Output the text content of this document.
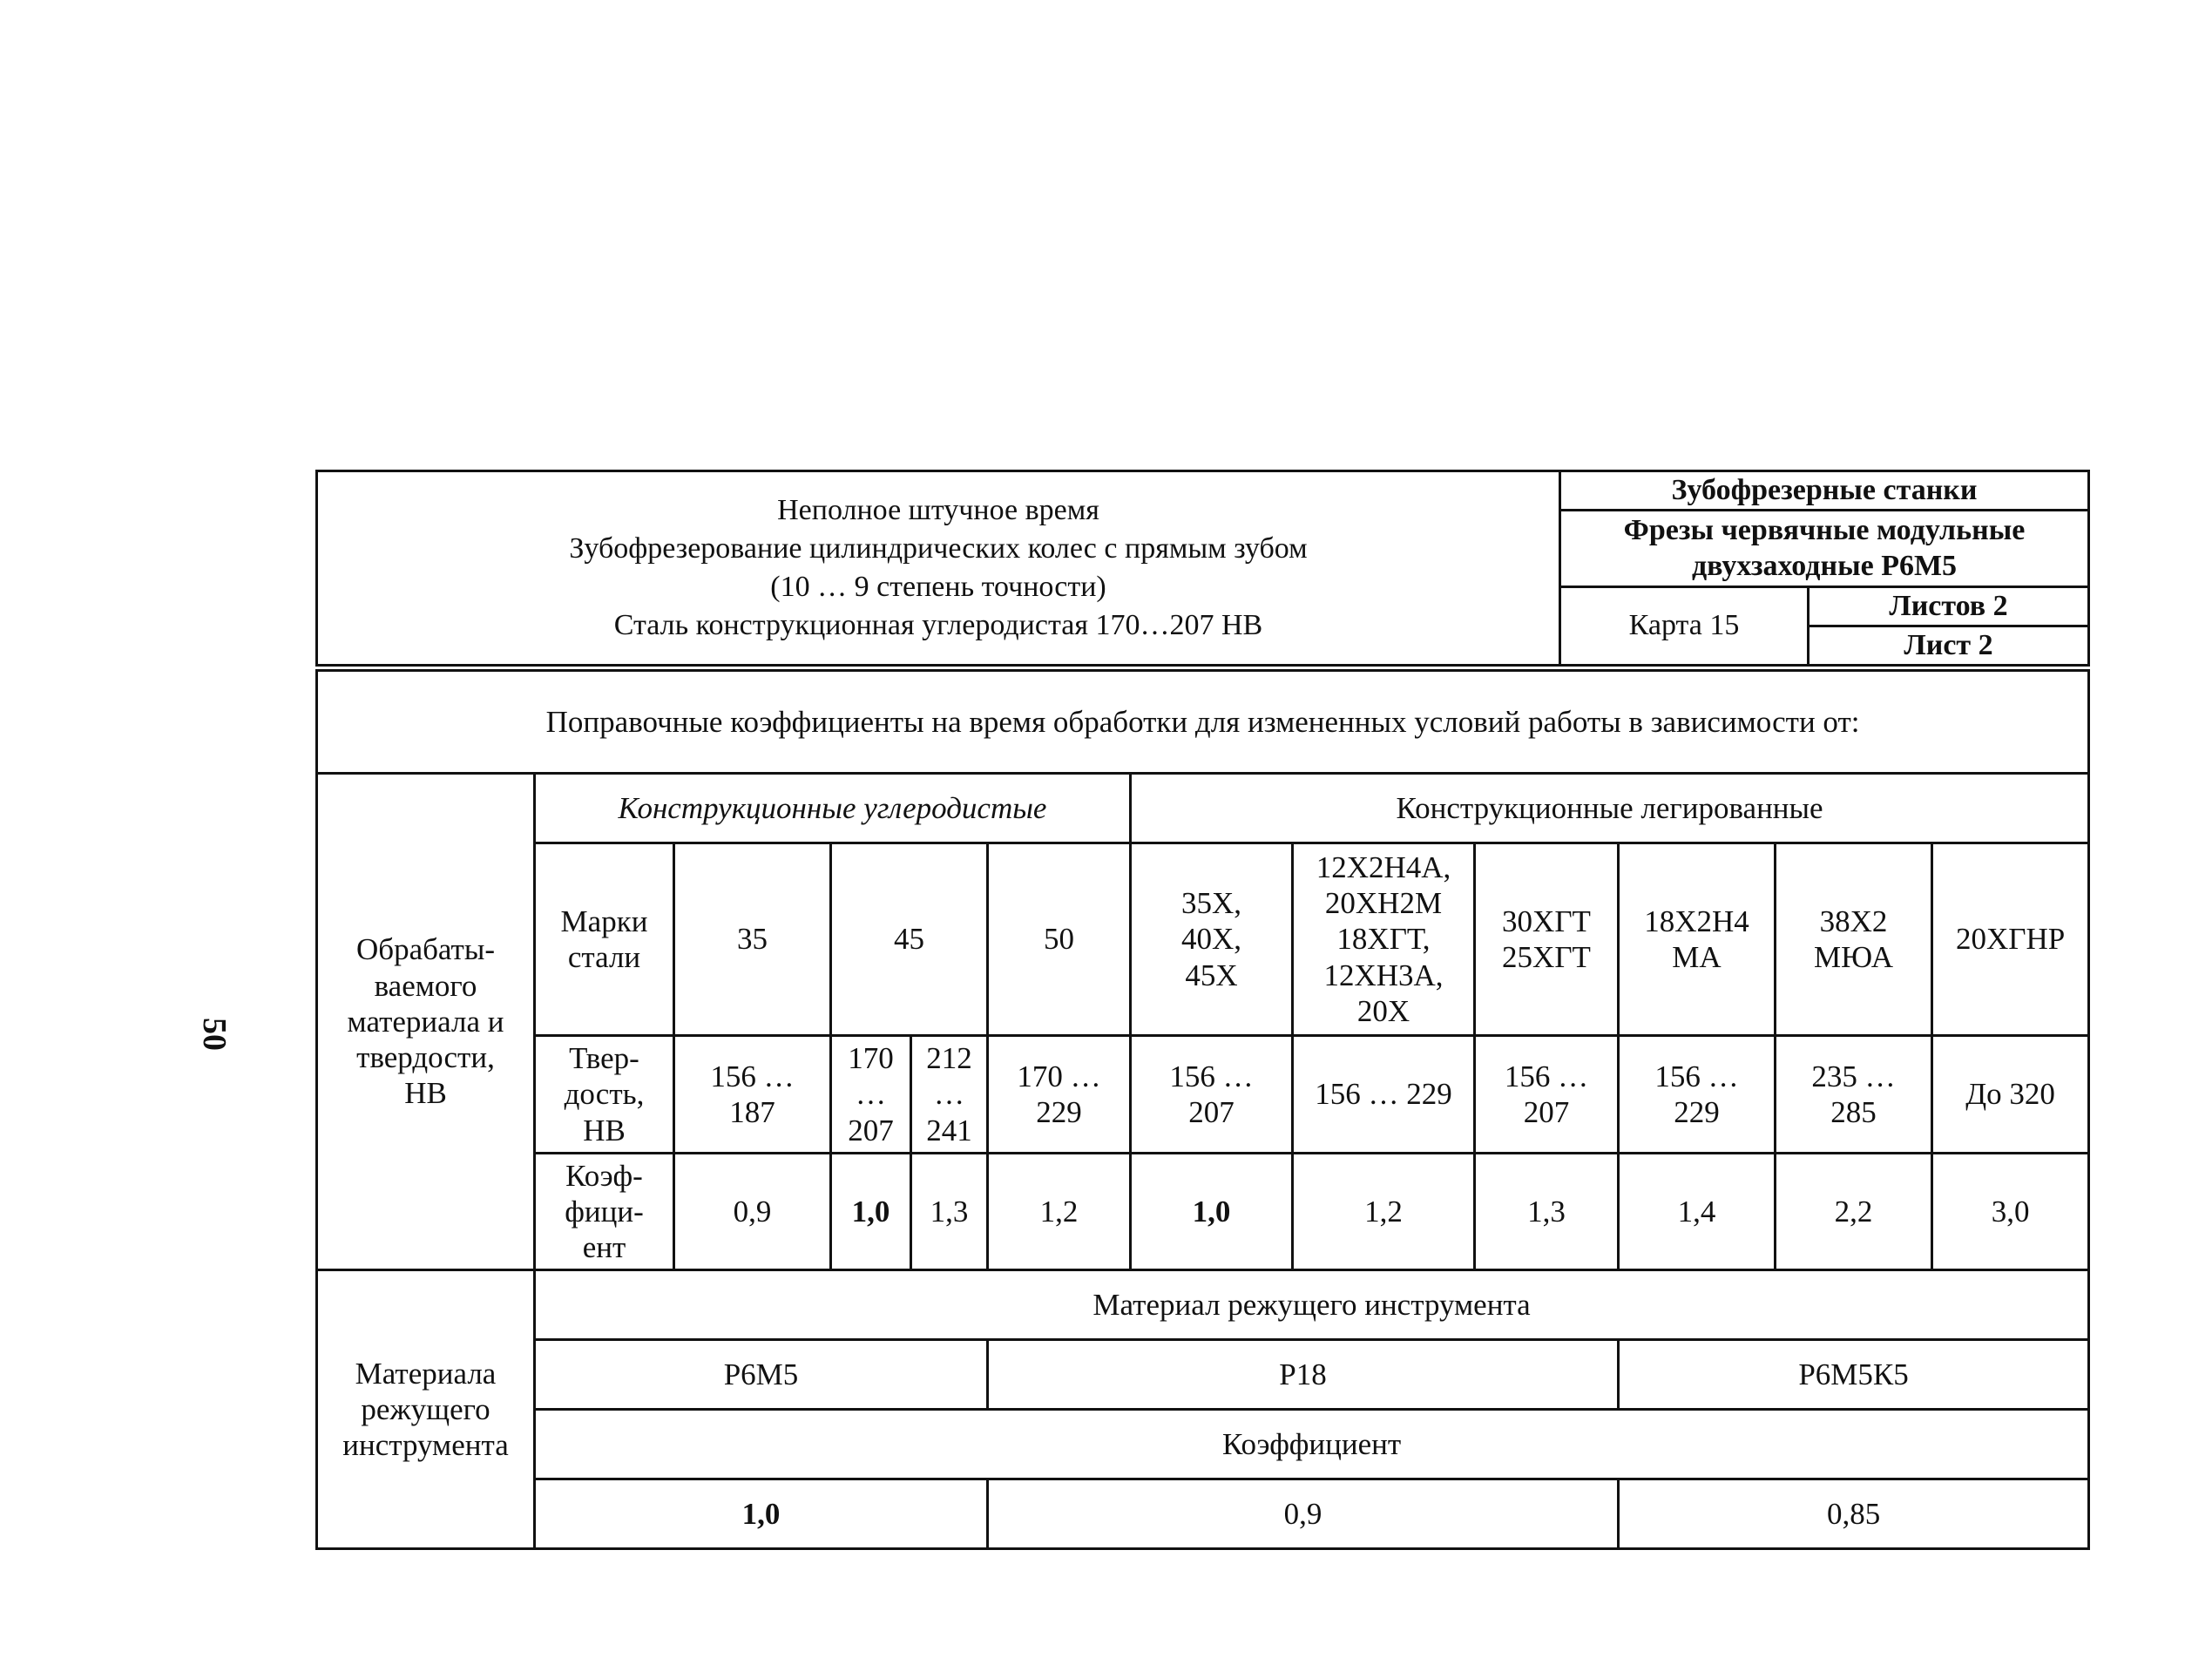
50
Неполное штучное время
Зубофрезерование цилиндрических колес с прямым зубом
(10 … 9 степень точности)
Сталь конструкционная углеродистая 170…207 НВ	Зубофрезерные станки	

	Фрезы червячные модульные
двухзаходные Р6М5	

	Карта 15	Листов 2
		Лист 2
Поправочные коэффициенты на время обработки для измененных условий работы в зависимости от:											

Обрабаты-
ваемого
материала и
твердости,
НВ	Конструкционные углеродистые					Конструкционные легированные					

	Марки
стали	35	45		50	35Х,
40Х,
45Х	12Х2Н4А,
20ХН2М
18ХГТ,
12ХН3А,
20Х	30ХГТ
25ХГТ	18Х2Н4
МА	38Х2
МЮА	20ХГНР

	Твер-
дость,
НВ	156 …
187	170
…
207	212
…
241	170 …
229	156 …
207	156 … 229	156 …
207	156 …
229	235 …
285	До 320

	Коэф-
фици-
ент	0,9	1,0	1,3	1,2	1,0	1,2	1,3	1,4	2,2	3,0

Материала
режущего
инструмента	Материал режущего инструмента										
	Р6М5				Р18				Р6М5К5		
	Коэффициент										
	1,0				0,9				0,85		
